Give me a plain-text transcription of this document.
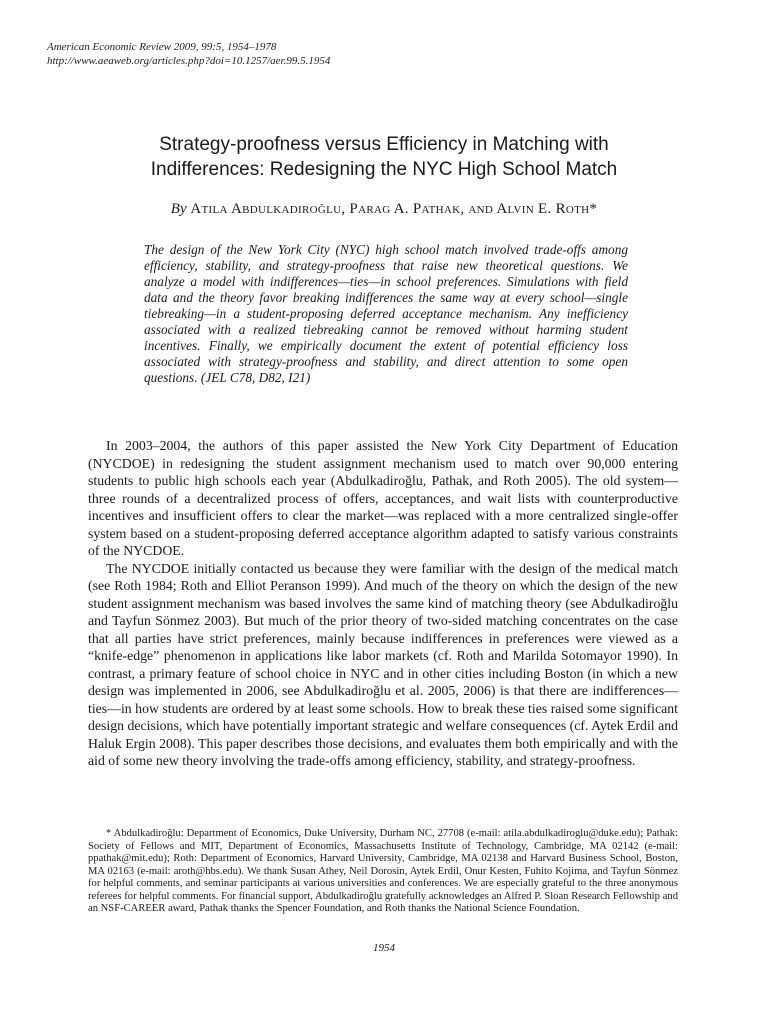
American Economic Review 2009, 99:5, 1954–1978
http://www.aeaweb.org/articles.php?doi=10.1257/aer.99.5.1954
Strategy-proofness versus Efficiency in Matching with
Indifferences: Redesigning the NYC High School Match
By Atila Abdulkadiroğlu, Parag A. Pathak, and Alvin E. Roth*
The design of the New York City (NYC) high school match involved trade-offs among efficiency, stability, and strategy-proofness that raise new theoretical questions. We analyze a model with indifferences—ties—in school preferences. Simulations with field data and the theory favor breaking indifferences the same way at every school—single tiebreaking—in a student-proposing deferred acceptance mechanism. Any inefficiency associated with a realized tiebreaking cannot be removed without harming student incentives. Finally, we empirically document the extent of potential efficiency loss associated with strategy-proofness and stability, and direct attention to some open questions. (JEL C78, D82, I21)

In 2003–2004, the authors of this paper assisted the New York City Department of Education (NYCDOE) in redesigning the student assignment mechanism used to match over 90,000 entering students to public high schools each year (Abdulkadiroğlu, Pathak, and Roth 2005). The old system—three rounds of a decentralized process of offers, acceptances, and wait lists with counterproductive incentives and insufficient offers to clear the market—was replaced with a more centralized single-offer system based on a student-proposing deferred acceptance algorithm adapted to satisfy various constraints of the NYCDOE.

The NYCDOE initially contacted us because they were familiar with the design of the medical match (see Roth 1984; Roth and Elliot Peranson 1999). And much of the theory on which the design of the new student assignment mechanism was based involves the same kind of matching theory (see Abdulkadiroğlu and Tayfun Sönmez 2003). But much of the prior theory of two-sided matching concentrates on the case that all parties have strict preferences, mainly because indifferences in preferences were viewed as a “knife-edge” phenomenon in applications like labor markets (cf. Roth and Marilda Sotomayor 1990). In contrast, a primary feature of school choice in NYC and in other cities including Boston (in which a new design was implemented in 2006, see Abdulkadiroğlu et al. 2005, 2006) is that there are indifferences—ties—in how students are ordered by at least some schools. How to break these ties raised some significant design decisions, which have potentially important strategic and welfare consequences (cf. Aytek Erdil and Haluk Ergin 2008). This paper describes those decisions, and evaluates them both empirically and with the aid of some new theory involving the trade-offs among efficiency, stability, and strategy-proofness.

* Abdulkadiroğlu: Department of Economics, Duke University, Durham NC, 27708 (e-mail: atila.abdulkadiroglu@duke.edu); Pathak: Society of Fellows and MIT, Department of Economics, Massachusetts Institute of Technology, Cambridge, MA 02142 (e-mail: ppathak@mit.edu); Roth: Department of Economics, Harvard University, Cambridge, MA 02138 and Harvard Business School, Boston, MA 02163 (e-mail: aroth@hbs.edu). We thank Susan Athey, Neil Dorosin, Aytek Erdil, Onur Kesten, Fuhito Kojima, and Tayfun Sönmez for helpful comments, and seminar participants at various universities and conferences. We are especially grateful to the three anonymous referees for helpful comments. For financial support, Abdulkadiroğlu gratefully acknowledges an Alfred P. Sloan Research Fellowship and an NSF-CAREER award, Pathak thanks the Spencer Foundation, and Roth thanks the National Science Foundation.

1954
